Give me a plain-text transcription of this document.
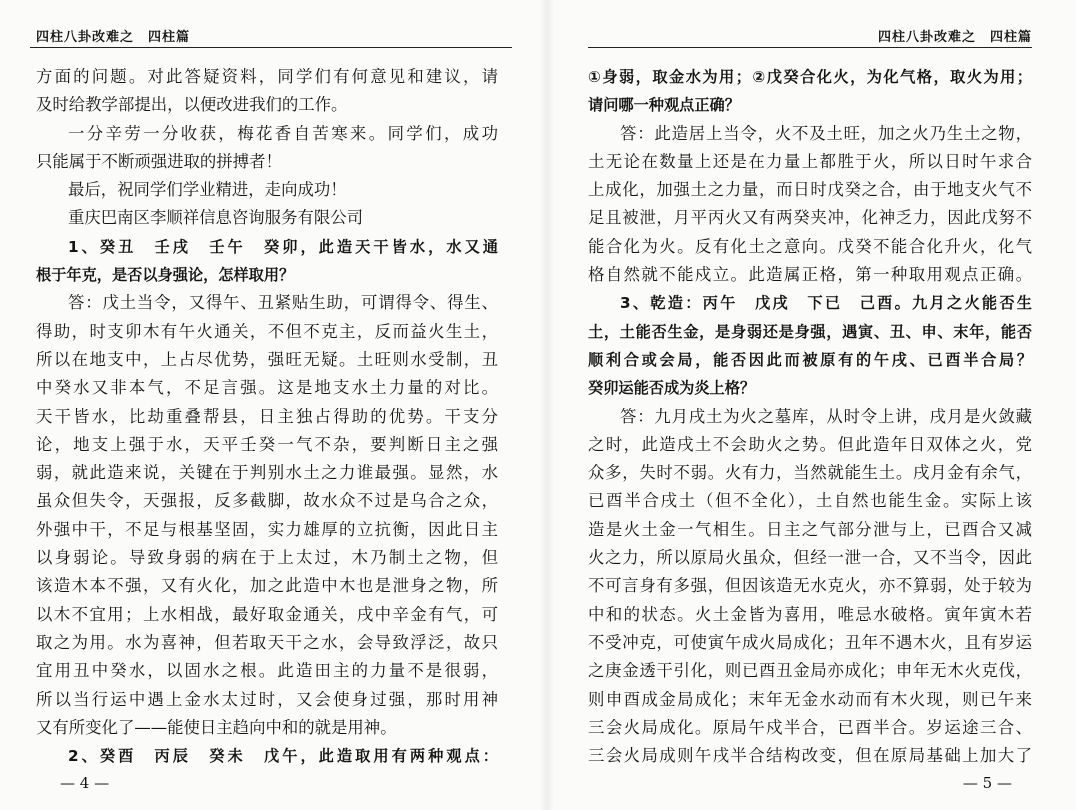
四柱八卦改难之　四柱篇
方面的问题。对此答疑资料，同学们有何意见和建议，请
及时给教学部提出，以便改进我们的工作。
一分辛劳一分收获，梅花香自苦寒来。同学们，成功
只能属于不断顽强进取的拼搏者！
最后，祝同学们学业精进，走向成功！
重庆巴南区李顺祥信息咨询服务有限公司
1、癸丑　壬戌　壬午　癸卯，此造天干皆水，水又通
根于年克，是否以身强论，怎样取用？
答：戊土当令，又得午、丑紧贴生助，可谓得令、得生、
得助，时支卯木有午火通关，不但不克主，反而益火生土，
所以在地支中，上占尽优势，强旺无疑。土旺则水受制，丑
中癸水又非本气，不足言强。这是地支水土力量的对比。
天干皆水，比劫重叠帮县，日主独占得助的优势。干支分
论，地支上强于水，天平壬癸一气不杂，要判断日主之强
弱，就此造来说，关键在于判别水土之力谁最强。显然，水
虽众但失令，天强报，反多截脚，故水众不过是乌合之众，
外强中干，不足与根基坚固，实力雄厚的立抗衡，因此日主
以身弱论。导致身弱的病在于上太过，木乃制土之物，但
该造木本不强，又有火化，加之此造中木也是泄身之物，所
以木不宜用；上水相战，最好取金通关，戌中辛金有气，可
取之为用。水为喜神，但若取天干之水，会导致浮泛，故只
宜用丑中癸水，以固水之根。此造田主的力量不是很弱，
所以当行运中遇上金水太过时，又会使身过强，那时用神
又有所变化了——能使日主趋向中和的就是用神。
2、癸酉　丙辰　癸未　戊午，此造取用有两种观点：
— 4 —
四柱八卦改难之　四柱篇
①身弱，取金水为用；②戊癸合化火，为化气格，取火为用；
请问哪一种观点正确？
答：此造居上当令，火不及土旺，加之火乃生土之物，
土无论在数量上还是在力量上都胜于火，所以日时午求合
上成化，加强土之力量，而日时戊癸之合，由于地支火气不
足且被泄，月平丙火又有两癸夹冲，化神乏力，因此戊努不
能合化为火。反有化土之意向。戊癸不能合化升火，化气
格自然就不能戍立。此造属正格，第一种取用观点正确。
3、乾造：丙午　戊戌　下已　己酉。九月之火能否生
土，土能否生金，是身弱还是身强，遇寅、丑、申、末年，能否
顺利合或会局，能否因此而被原有的午戌、已酉半合局？
癸卯运能否成为炎上格？
答：九月戌土为火之墓库，从时令上讲，戌月是火敛藏
之时，此造戌土不会助火之势。但此造年日双体之火，党
众多，失时不弱。火有力，当然就能生土。戌月金有余气，
已酉半合戌土（但不全化），土自然也能生金。实际上该
造是火土金一气相生。日主之气部分泄与上，已酉合又减
火之力，所以原局火虽众，但经一泄一合，又不当令，因此
不可言身有多强，但因该造无水克火，亦不算弱，处于较为
中和的状态。火土金皆为喜用，唯忌水破格。寅年寅木若
不受冲克，可使寅午成火局成化；丑年不遇木火，且有岁运
之庚金透干引化，则已酉丑金局亦成化；申年无木火克伐，
则申酉成金局成化；末年无金水动而有木火现，则已午来
三会火局成化。原局午戍半合，已酉半合。岁运途三合、
三会火局成则午戌半合结构改变，但在原局基础上加大了
— 5 —
